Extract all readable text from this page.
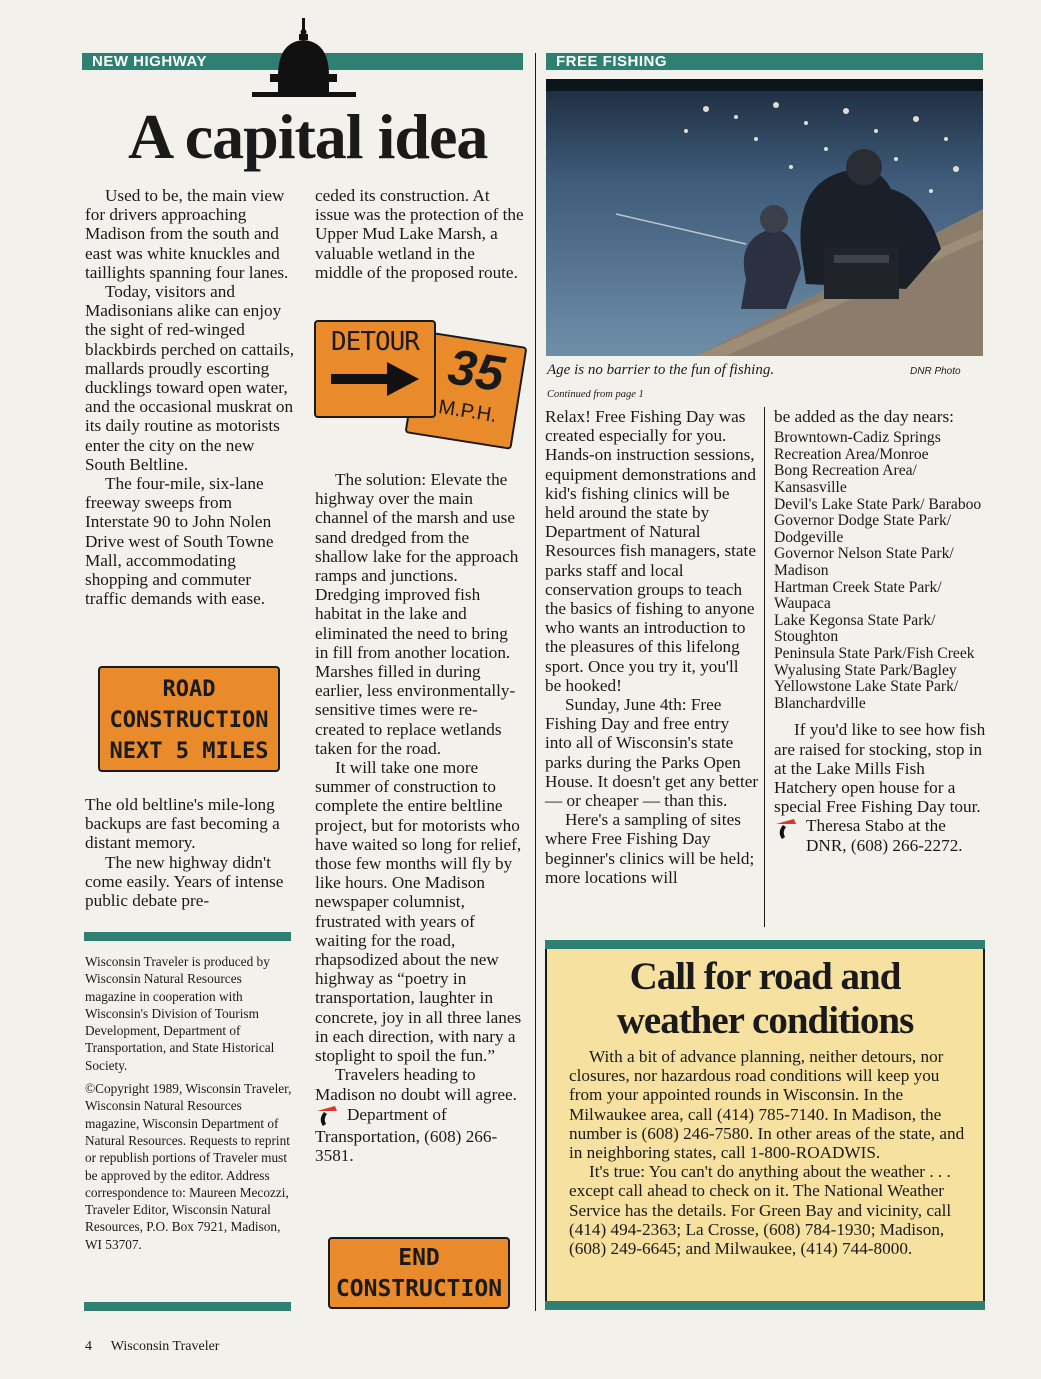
NEW HIGHWAY
A capital idea

Used to be, the main view for drivers approaching Madison from the south and east was white knuckles and taillights spanning four lanes.

Today, visitors and Madisonians alike can enjoy the sight of red-winged blackbirds perched on cattails, mallards proudly escorting ducklings toward open water, and the occasional muskrat on its daily routine as motorists enter the city on the new South Beltline.

The four-mile, six-lane freeway sweeps from Interstate 90 to John Nolen Drive west of South Towne Mall, accommodating shopping and commuter traffic demands with ease.

ROAD
CONSTRUCTION
NEXT 5 MILES

The old beltline's mile-long backups are fast becoming a distant memory.

The new highway didn't come easily. Years of intense public debate pre-

Wisconsin Traveler is produced by Wisconsin Natural Resources magazine in cooperation with Wisconsin's Division of Tourism Development, Department of Transportation, and State Historical Society.

©Copyright 1989, Wisconsin Traveler, Wisconsin Natural Resources magazine, Wisconsin Department of Natural Resources. Requests to reprint or republish portions of Traveler must be approved by the editor. Address correspondence to: Maureen Mecozzi, Traveler Editor, Wisconsin Natural Resources, P.O. Box 7921, Madison, WI 53707.

ceded its construction. At issue was the protection of the Upper Mud Lake Marsh, a valuable wetland in the middle of the proposed route.

DETOUR 35
M.P.H.

The solution: Elevate the highway over the main channel of the marsh and use sand dredged from the shallow lake for the approach ramps and junctions. Dredging improved fish habitat in the lake and eliminated the need to bring in fill from another location. Marshes filled in during earlier, less environmentally-sensitive times were re-created to replace wetlands taken for the road.

It will take one more summer of construction to complete the entire beltline project, but for motorists who have waited so long for relief, those few months will fly by like hours. One Madison newspaper columnist, frustrated with years of waiting for the road, rhapsodized about the new highway as “poetry in transportation, laughter in concrete, joy in all three lanes in each direction, with nary a stoplight to spoil the fun.”

Travelers heading to Madison no doubt will agree.

Department of Transportation, (608) 266-3581.

END
CONSTRUCTION
FREE FISHING
Age is no barrier to the fun of fishing.	DNR Photo
Continued from page 1

Relax! Free Fishing Day was created especially for you. Hands-on instruction sessions, equipment demonstrations and kid's fishing clinics will be held around the state by Department of Natural Resources fish managers, state parks staff and local conservation groups to teach the basics of fishing to anyone who wants an introduction to the pleasures of this lifelong sport. Once you try it, you'll be hooked!

Sunday, June 4th: Free Fishing Day and free entry into all of Wisconsin's state parks during the Parks Open House. It doesn't get any better — or cheaper — than this.

Here's a sampling of sites where Free Fishing Day beginner's clinics will be held; more locations will

be added as the day nears:

Browntown-Cadiz Springs Recreation Area/Monroe
Bong Recreation Area/ Kansasville
Devil's Lake State Park/ Baraboo
Governor Dodge State Park/ Dodgeville
Governor Nelson State Park/ Madison
Hartman Creek State Park/ Waupaca
Lake Kegonsa State Park/ Stoughton
Peninsula State Park/Fish Creek
Wyalusing State Park/Bagley
Yellowstone Lake State Park/ Blanchardville

If you'd like to see how fish are raised for stocking, stop in at the Lake Mills Fish Hatchery open house for a special Free Fishing Day tour.

Theresa Stabo at the DNR, (608) 266-2272.

Call for road and
weather conditions

With a bit of advance planning, neither detours, nor closures, nor hazardous road conditions will keep you from your appointed rounds in Wisconsin. In the Milwaukee area, call (414) 785-7140. In Madison, the number is (608) 246-7580. In other areas of the state, and in neighboring states, call 1-800-ROADWIS.

It's true: You can't do anything about the weather . . . except call ahead to check on it. The National Weather Service has the details. For Green Bay and vicinity, call (414) 494-2363; La Crosse, (608) 784-1930; Madison, (608) 249-6645; and Milwaukee, (414) 744-8000.

4 Wisconsin Traveler
